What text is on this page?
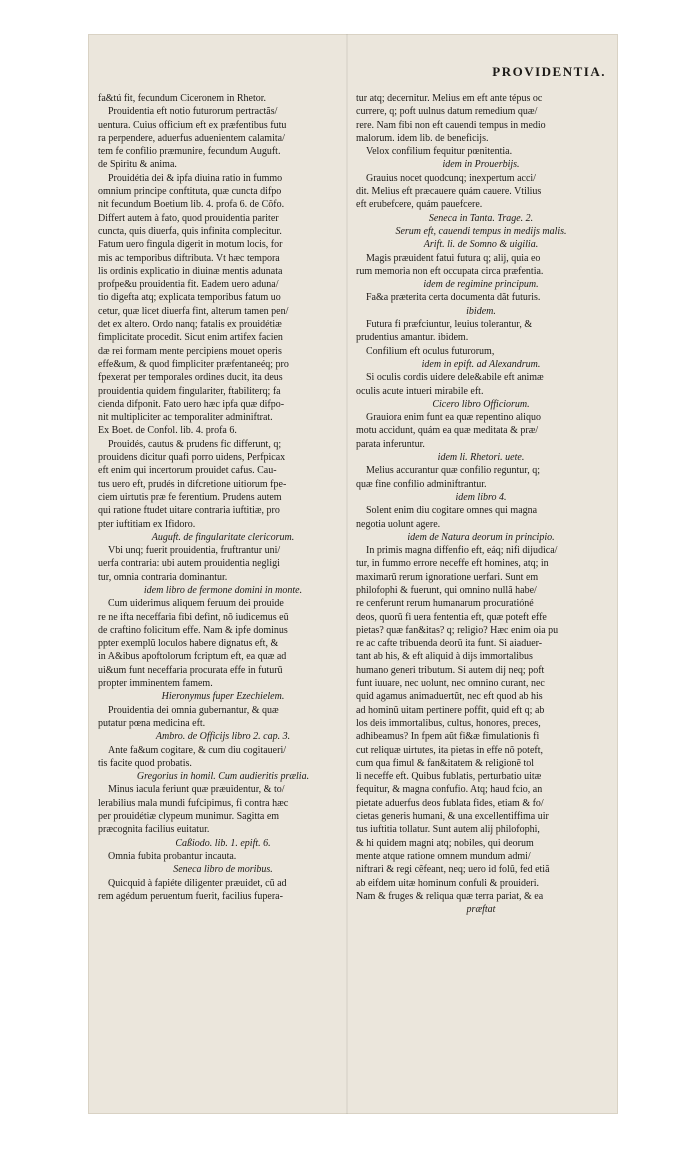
PROVIDENTIA.
fa&tú fit, fecundum Ciceronem in Rhetor.
Prouidentia eft notio futurorum pertractãs/
uentura. Cuius officium eft ex præfentibus futu
ra perpendere, aduerfus aduenientem calamita/
tem fe confilio præmunire, fecundum Auguft.
de Spiritu & anima.
Prouidétia dei & ipfa diuina ratio in fummo
omnium principe conftituta, quæ cuncta difpo
nit fecundum Boetium lib. 4. profa 6. de Cõfo.
Differt autem à fato, quod prouidentia pariter
cuncta, quis diuerfa, quis infinita complecitur.
Fatum uero fingula digerit in motum locis, for
mis ac temporibus diftributa. Vt hæc tempora
lis ordinis explicatio in diuinæ mentis adunata
profpe&u prouidentia fit. Eadem uero aduna/
tio digefta atq; explicata temporibus fatum uo
cetur, quæ licet diuerfa fint, alterum tamen pen/
det ex altero. Ordo nanq; fatalis ex prouidétiæ
fimplicitate procedit. Sicut enim artifex facien
dæ rei formam mente percipiens mouet operis
effe&um, & quod fimpliciter præfentaneéq; pro
fpexerat per temporales ordines ducit, ita deus
prouidentia quidem fingulariter, ftabiliterq; fa
cienda difponit. Fato uero hæc ipfa quæ difpo-
nit multipliciter ac temporaliter adminiftrat.
Ex Boet. de Confol. lib. 4. profa 6.
Prouidés, cautus & prudens fic differunt, q;
prouidens dicitur quafi porro uidens, Perfpicax
eft enim qui incertorum prouidet cafus. Cau-
tus uero eft, prudés in difcretione uitiorum fpe-
ciem uirtutis præ fe ferentium. Prudens autem
qui ratione ftudet uitare contraria iuftitiæ, pro
pter iuftitiam ex Ifidoro.
Auguft. de fingularitate clericorum.
Vbi unq; fuerit prouidentia, fruftrantur uni/
uerfa contraria: ubi autem prouidentia negligi
tur, omnia contraria dominantur.
idem libro de fermone domini in monte.
Cum uiderimus aliquem feruum dei prouide
re ne ifta neceffaria fibi defint, nõ iudicemus eũ
de craftino folicitum effe. Nam & ipfe dominus
ppter exemplũ loculos habere dignatus eft, &
in A&ibus apoftolorum fcriptum eft, ea quæ ad
ui&um funt neceffaria procurata effe in futurũ
propter imminentem famem.
Hieronymus fuper Ezechielem.
Prouidentia dei omnia gubernantur, & quæ
putatur pœna medicina eft.
Ambro. de Officijs libro 2. cap. 3.
Ante fa&um cogitare, & cum diu cogitaueri/
tis facite quod probatis.
Gregorius in homil. Cum audieritis prælia.
Minus iacula feriunt quæ præuidentur, & to/
lerabilius mala mundi fufcipimus, fi contra hæc
per prouidétiæ clypeum munimur. Sagitta em
præcognita facilius euitatur.
Caßiodo. lib. 1. epift. 6.
Omnia fubita probantur incauta.
Seneca libro de moribus.
Quicquid à fapiéte diligenter præuidet, cũ ad
rem agédum peruentum fuerit, facilius fupera-
tur atq; decernitur. Melius em eft ante tépus oc
currere, q; poft uulnus datum remedium quæ/
rere. Nam fibi non eft cauendi tempus in medio
malorum. idem lib. de beneficijs.
Velox confilium fequitur pœnitentia.
idem in Prouerbijs.
Grauius nocet quodcunq; inexpertum acci/
dit. Melius eft præcauere quám cauere. Vtilius
eft erubefcere, quám pauefcere.
Seneca in Tanta. Trage. 2.
Serum eft, cauendi tempus in medijs malis.
Arift. li. de Somno & uigilia.
Magis præuident fatui futura q; alij, quia eo
rum memoria non eft occupata circa præfentia.
idem de regimine principum.
Fa&a præterita certa documenta dãt futuris.
ibidem.
Futura fi præfciuntur, leuius tolerantur, &
prudentius amantur. ibidem.
Confilium eft oculus futurorum,
idem in epift. ad Alexandrum.
Si oculis cordis uidere dele&abile eft animæ
oculis acute intueri mirabile eft.
Cicero libro Officiorum.
Grauiora enim funt ea quæ repentino aliquo
motu accidunt, quám ea quæ meditata & præ/
parata inferuntur.
idem li. Rhetori. uete.
Melius accurantur quæ confilio reguntur, q;
quæ fine confilio adminiftrantur.
idem libro 4.
Solent enim diu cogitare omnes qui magna
negotia uolunt agere.
idem de Natura deorum in principio.
In primis magna diffenfio eft, eáq; nifi dijudica/
tur, in fummo errore neceffe eft homines, atq; in
maximarũ rerum ignoratione uerfari. Sunt em
philofophi & fuerunt, qui omnino nullã habe/
re cenferunt rerum humanarum procuratióné
deos, quorũ fi uera fententia eft, quæ poteft effe
pietas? quæ fan&itas? q; religio? Hæc enim oia pu
re ac cafte tribuenda deorũ ita funt. Si aiaduer-
tant ab his, & eft aliquid à dijs immortalibus
humano generi tributum. Si autem dij neq; poft
funt iuuare, nec uolunt, nec omnino curant, nec
quid agamus animaduertũt, nec eft quod ab his
ad hominũ uitam pertinere poffit, quid eft q; ab
los deis immortalibus, cultus, honores, preces,
adhibeamus? In fpem aũt fi&æ fimulationis fi
cut reliquæ uirtutes, ita pietas in effe nõ poteft,
cum qua fimul & fan&itatem & religionẽ tol
li neceffe eft. Quibus fublatis, perturbatio uitæ
fequitur, & magna confufio. Atq; haud fcio, an
pietate aduerfus deos fublata fides, etiam & fo/
cietas generis humani, & una excellentiffima uir
tus iuftitia tollatur. Sunt autem alij philofophi,
& hi quidem magni atq; nobiles, qui deorum
mente atque ratione omnem mundum admi/
niftrari & regi cẽfeant, neq; uero id folũ, fed etiã
ab eifdem uitæ hominum confuli & prouideri.
Nam & fruges & reliqua quæ terra pariat, & ea
præftat
